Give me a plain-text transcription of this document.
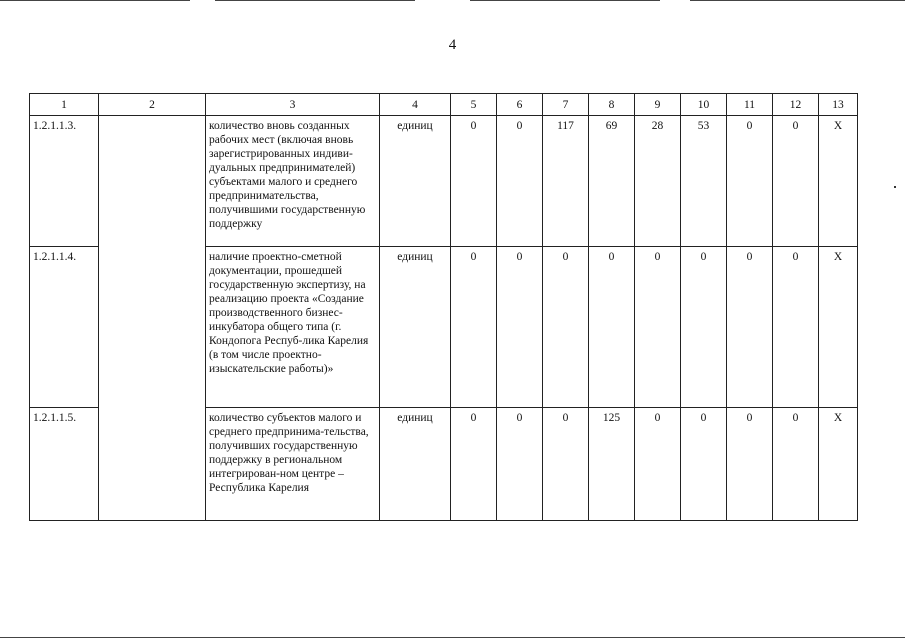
4
1	2	3	4	5	6	7	8	9	10	11	12	13
1.2.1.1.3.		количество вновь созданных рабочих мест (включая вновь зарегистрированных индиви-дуальных предпринимателей) субъектами малого и среднего предпринимательства, получившими государственную поддержку	единиц	0	0	117	69	28	53	0	0	X
1.2.1.1.4.		наличие проектно-сметной документации, прошедшей государственную экспертизу, на реализацию проекта «Создание производственного бизнес-инкубатора общего типа (г. Кондопога Респуб-лика Карелия (в том числе проектно-изыскательские работы)»	единиц	0	0	0	0	0	0	0	0	X
1.2.1.1.5.		количество субъектов малого и среднего предпринима-тельства, получивших государственную поддержку в региональном интегрирован-ном центре – Республика Карелия	единиц	0	0	0	125	0	0	0	0	X
